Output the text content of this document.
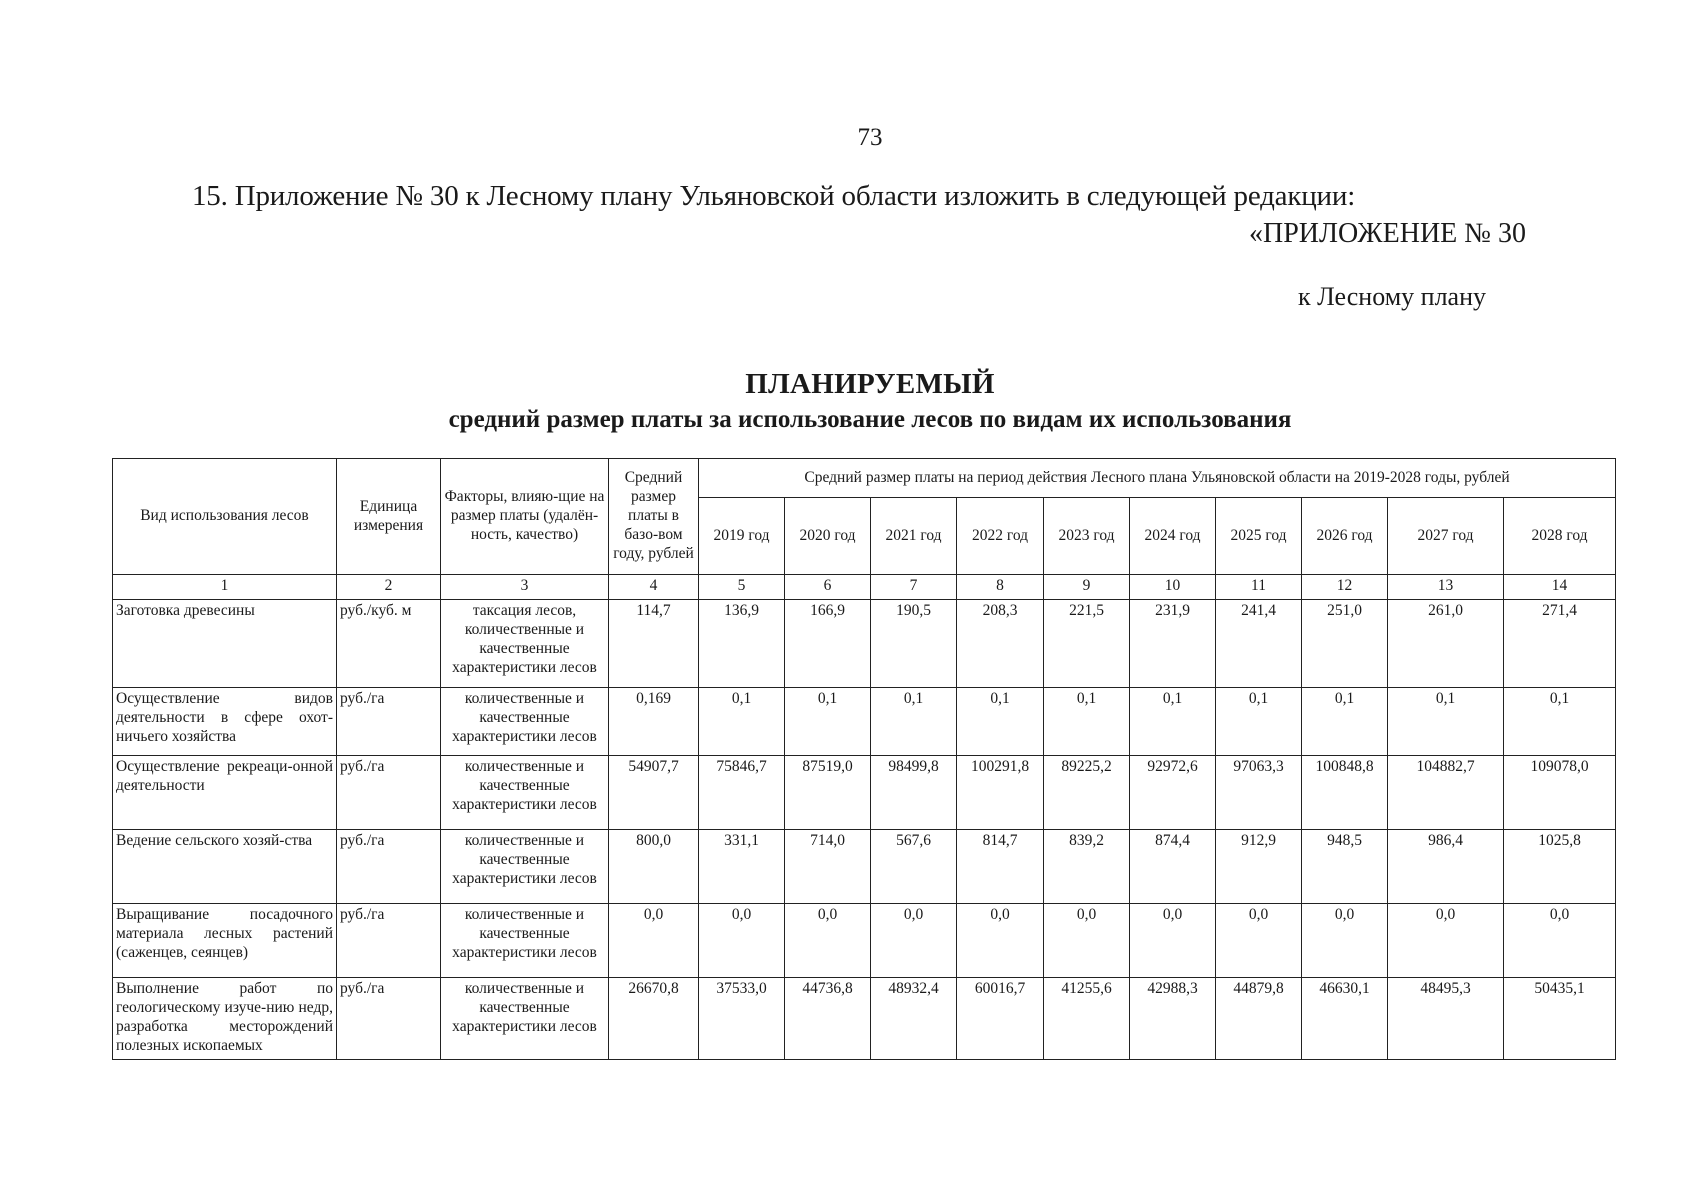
73
15. Приложение № 30 к Лесному плану Ульяновской области изложить в следующей редакции:
«ПРИЛОЖЕНИЕ № 30
к Лесному плану
ПЛАНИРУЕМЫЙ
средний размер платы за использование лесов по видам их использования
Вид использования лесов	Единица измерения	Факторы, влияю-щие на размер платы (удалён-ность, качество)	Средний размер платы в базо-вом году, рублей	Средний размер платы на период действия Лесного плана Ульяновской области на 2019-2028 годы, рублей									
				2019 год	2020 год	2021 год	2022 год	2023 год	2024 год	2025 год	2026 год	2027 год	2028 год
1	2	3	4	5	6	7	8	9	10	11	12	13	14
Заготовка древесины	руб./куб. м	таксация лесов, количественные и качественные характеристики лесов	114,7	136,9	166,9	190,5	208,3	221,5	231,9	241,4	251,0	261,0	271,4
Осуществление видов деятельности в сфере охот-ничьего хозяйства	руб./га	количественные и качественные характеристики лесов	0,169	0,1	0,1	0,1	0,1	0,1	0,1	0,1	0,1	0,1	0,1
Осуществление рекреаци-онной деятельности	руб./га	количественные и качественные характеристики лесов	54907,7	75846,7	87519,0	98499,8	100291,8	89225,2	92972,6	97063,3	100848,8	104882,7	109078,0
Ведение сельского хозяй-ства	руб./га	количественные и качественные характеристики лесов	800,0	331,1	714,0	567,6	814,7	839,2	874,4	912,9	948,5	986,4	1025,8
Выращивание посадочного материала лесных растений (саженцев, сеянцев)	руб./га	количественные и качественные характеристики лесов	0,0	0,0	0,0	0,0	0,0	0,0	0,0	0,0	0,0	0,0	0,0
Выполнение работ по геологическому изуче-нию недр, разработка месторождений полезных ископаемых	руб./га	количественные и качественные характеристики лесов	26670,8	37533,0	44736,8	48932,4	60016,7	41255,6	42988,3	44879,8	46630,1	48495,3	50435,1
